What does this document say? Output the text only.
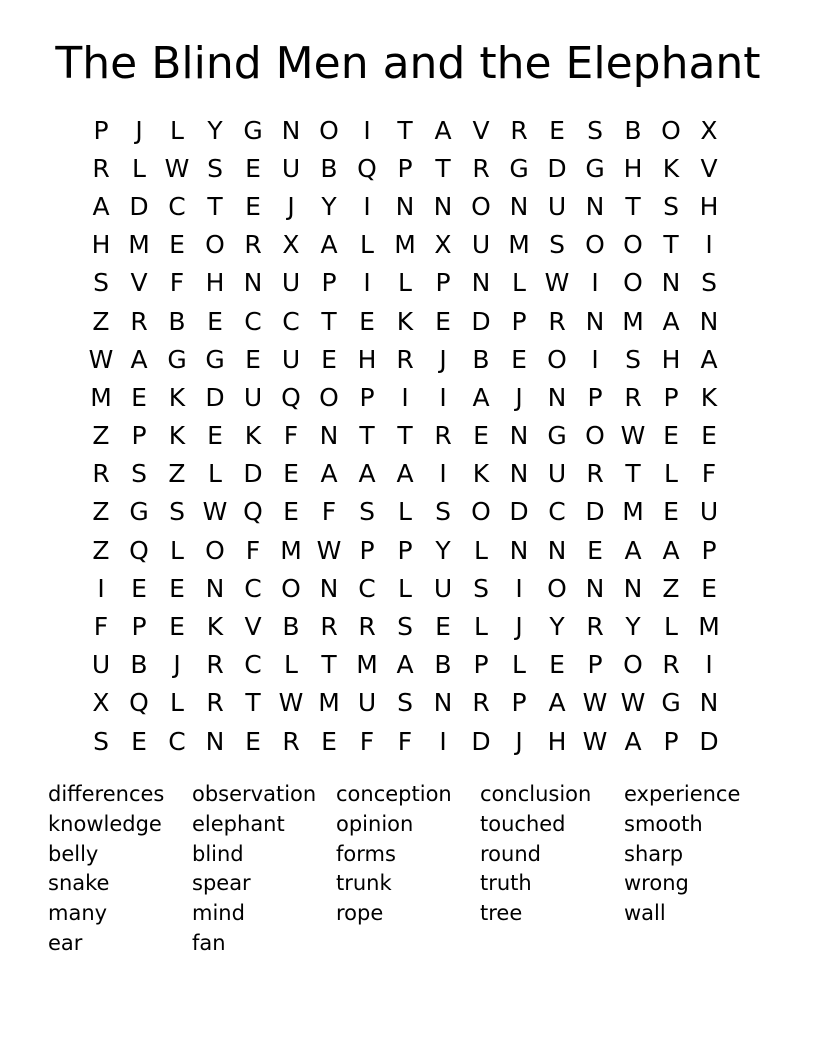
The Blind Men and the Elephant
P	J	L Y G N O I	T A V R E S B O X
R L W S E U B Q P T R G D G H K V
A D C T E	J	Y	I N N O N U N T S H
H M E O R X A L M X U M S O O T	I
S V F H N U P	I	L P N L W I O N S
Z R B E C C T E K E D P R N M A N
W A G G E U E H R	J	B E O I	S H A
M E K D U Q O P	I	I	A	J N P R P K
Z P K E K F N T T R E N G O W E E
R S Z L D E A A A	I	K N U R T L F
Z G S W Q E F S L S O D C D M E U
Z Q L O F M W P P Y L N N E A A P
I	E E N C O N C L U S	I O N N Z E
F P E K V B R R S E L	J	Y R Y L M
U B	J	R C L T M A B P L E P O R	I
X Q L R T W M U S N R P A W W G N
S E C N E R E F F	I D J H W A P D
differences	observation conception	conclusion	experience
knowledge	elephant	opinion	touched	smooth
belly	blind	forms	round	sharp
snake	spear	trunk	truth	wrong
many	mind	rope	tree	wall
ear	fan
